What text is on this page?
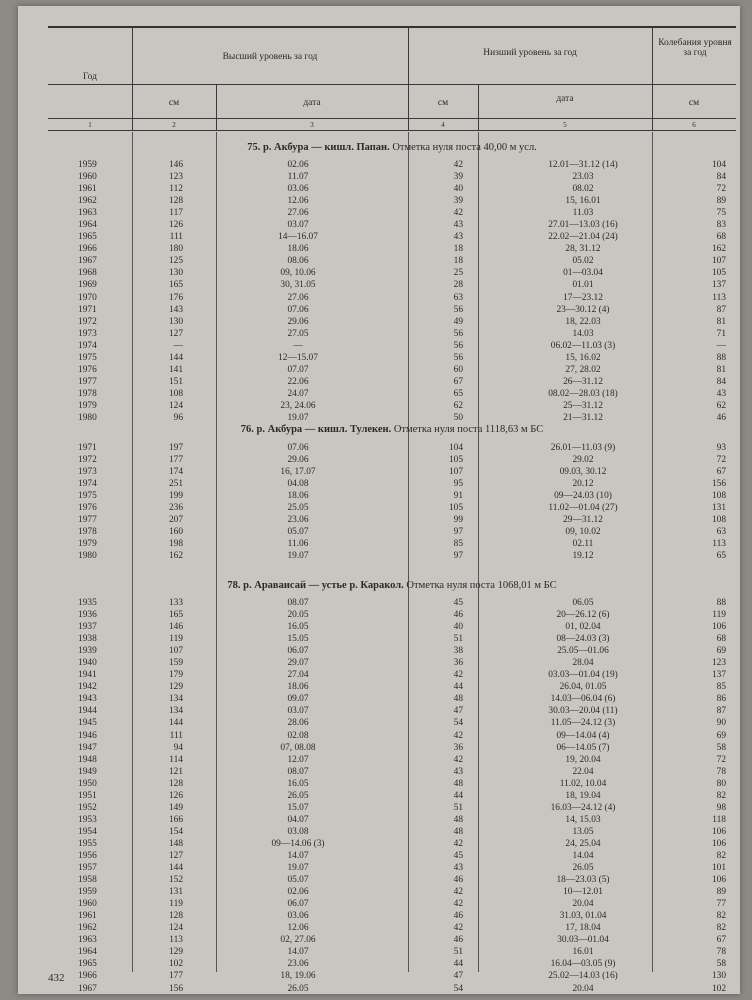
Год
Высший уровень за год	Низший уровень за год
Колебания уровня за год
см	дата	см	дата	см
1	2	3	4	5	6
75. р. Акбура — кишл. Папан. Отметка нуля поста 40,00 м усл.
1959	146	02.06	42	12.01—31.12 (14)	104
1960	123	11.07	39	23.03	84
1961	112	03.06	40	08.02	72
1962	128	12.06	39	15, 16.01	89
1963	117	27.06	42	11.03	75
1964	126	03.07	43	27.01—13.03 (16)	83
1965	111	14—16.07	43	22.02—21.04 (24)	68
1966	180	18.06	18	28, 31.12	162
1967	125	08.06	18	05.02	107
1968	130	09, 10.06	25	01—03.04	105
1969	165	30, 31.05	28	01.01	137
1970	176	27.06	63	17—23.12	113
1971	143	07.06	56	23—30.12 (4)	87
1972	130	29.06	49	18, 22.03	81
1973	127	27.05	56	14.03	71
1974	—	—	56	06.02—11.03 (3)	—
1975	144	12—15.07	56	15, 16.02	88
1976	141	07.07	60	27, 28.02	81
1977	151	22.06	67	26—31.12	84
1978	108	24.07	65	08.02—28.03 (18)	43
1979	124	23, 24.06	62	25—31.12	62
1980	96	19.07	50	21—31.12	46
76. р. Акбура — кишл. Тулекен. Отметка нуля поста 1118,63 м БС
1971	197	07.06	104	26.01—11.03 (9)	93
1972	177	29.06	105	29.02	72
1973	174	16, 17.07	107	09.03, 30.12	67
1974	251	04.08	95	20.12	156
1975	199	18.06	91	09—24.03 (10)	108
1976	236	25.05	105	11.02—01.04 (27)	131
1977	207	23.06	99	29—31.12	108
1978	160	05.07	97	09, 10.02	63
1979	198	11.06	85	02.11	113
1980	162	19.07	97	19.12	65
78. р. Араваисай — устье р. Каракол. Отметка нуля поста 1068,01 м БС
1935	133	08.07	45	06.05	88
1936	165	20.05	46	20—26.12 (6)	119
1937	146	16.05	40	01, 02.04	106
1938	119	15.05	51	08—24.03 (3)	68
1939	107	06.07	38	25.05—01.06	69
1940	159	29.07	36	28.04	123
1941	179	27.04	42	03.03—01.04 (19)	137
1942	129	18.06	44	26.04, 01.05	85
1943	134	09.07	48	14.03—06.04 (6)	86
1944	134	03.07	47	30.03—20.04 (11)	87
1945	144	28.06	54	11.05—24.12 (3)	90
1946	111	02.08	42	09—14.04 (4)	69
1947	94	07, 08.08	36	06—14.05 (7)	58
1948	114	12.07	42	19, 20.04	72
1949	121	08.07	43	22.04	78
1950	128	16.05	48	11.02, 10.04	80
1951	126	26.05	44	18, 19.04	82
1952	149	15.07	51	16.03—24.12 (4)	98
1953	166	04.07	48	14, 15.03	118
1954	154	03.08	48	13.05	106
1955	148	09—14.06 (3)	42	24, 25.04	106
1956	127	14.07	45	14.04	82
1957	144	19.07	43	26.05	101
1958	152	05.07	46	18—23.03 (5)	106
1959	131	02.06	42	10—12.01	89
1960	119	06.07	42	20.04	77
1961	128	03.06	46	31.03, 01.04	82
1962	124	12.06	42	17, 18.04	82
1963	113	02, 27.06	46	30.03—01.04	67
1964	129	14.07	51	16.01	78
1965	102	23.06	44	16.04—03.05 (9)	58
1966	177	18, 19.06	47	25.02—14.03 (16)	130
1967	156	26.05	54	20.04	102
432
